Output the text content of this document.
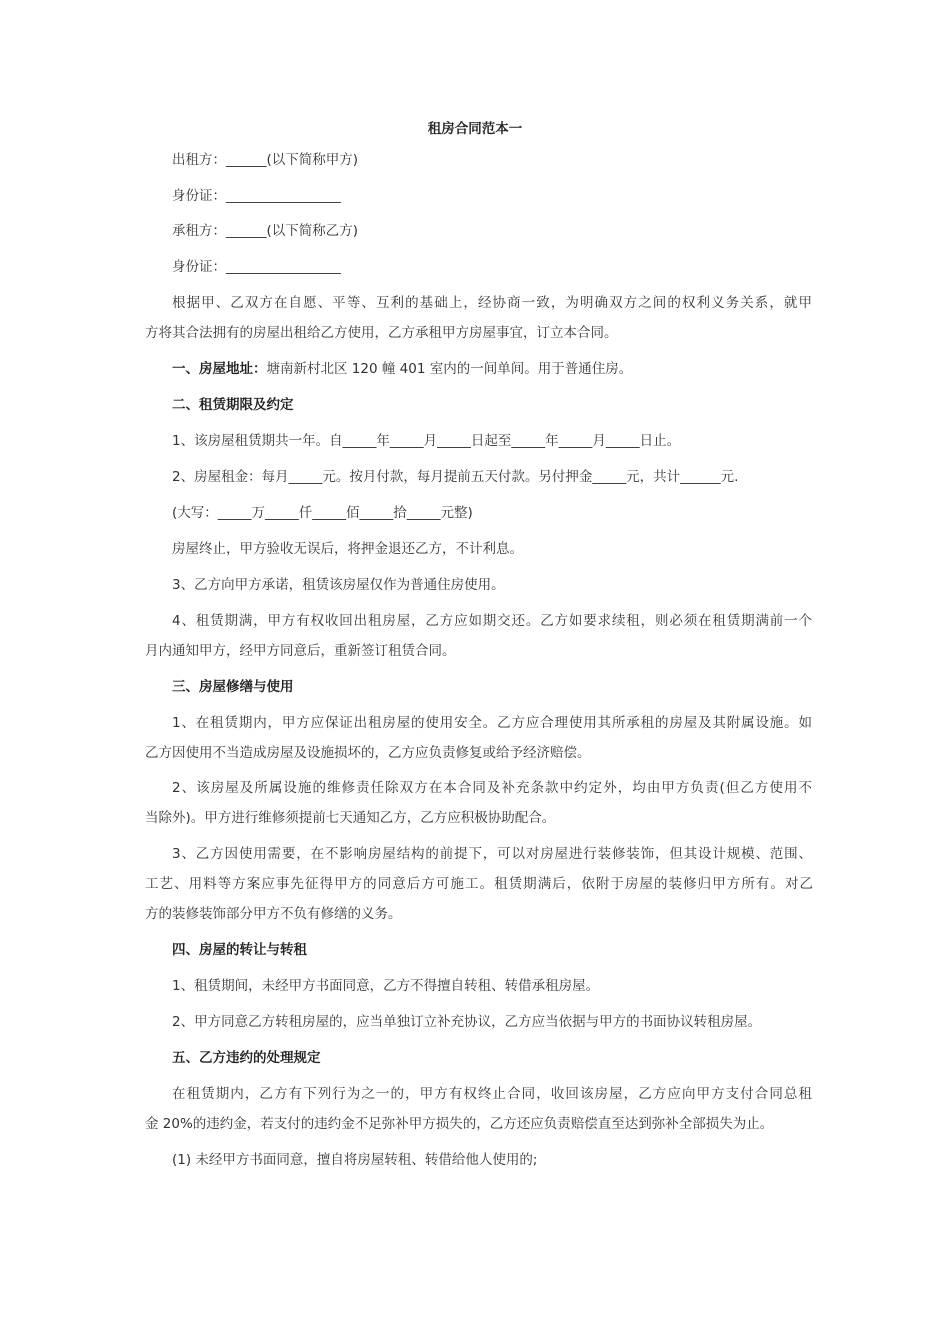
租房合同范本一
出租方：______(以下简称甲方)
身份证：_________________
承租方：______(以下简称乙方)
身份证：_________________
根据甲、乙双方在自愿、平等、互利的基础上，经协商一致，为明确双方之间的权利义务关系，就甲
方将其合法拥有的房屋出租给乙方使用，乙方承租甲方房屋事宜，订立本合同。
一、房屋地址：塘南新村北区 120 幢 401 室内的一间单间。用于普通住房。
二、租赁期限及约定
1、该房屋租赁期共一年。自_____年_____月_____日起至_____年_____月_____日止。
2、房屋租金：每月_____元。按月付款，每月提前五天付款。另付押金_____元，共计______元.
(大写：_____万_____仟_____佰_____拾_____元整)
房屋终止，甲方验收无误后，将押金退还乙方，不计利息。
3、乙方向甲方承诺，租赁该房屋仅作为普通住房使用。
4、租赁期满，甲方有权收回出租房屋，乙方应如期交还。乙方如要求续租，则必须在租赁期满前一个
月内通知甲方，经甲方同意后，重新签订租赁合同。
三、房屋修缮与使用
1、在租赁期内，甲方应保证出租房屋的使用安全。乙方应合理使用其所承租的房屋及其附属设施。如
乙方因使用不当造成房屋及设施损坏的，乙方应负责修复或给予经济赔偿。
2、该房屋及所属设施的维修责任除双方在本合同及补充条款中约定外，均由甲方负责(但乙方使用不
当除外)。甲方进行维修须提前七天通知乙方，乙方应积极协助配合。
3、乙方因使用需要，在不影响房屋结构的前提下，可以对房屋进行装修装饰，但其设计规模、范围、
工艺、用料等方案应事先征得甲方的同意后方可施工。租赁期满后，依附于房屋的装修归甲方所有。对乙
方的装修装饰部分甲方不负有修缮的义务。
四、房屋的转让与转租
1、租赁期间，未经甲方书面同意，乙方不得擅自转租、转借承租房屋。
2、甲方同意乙方转租房屋的，应当单独订立补充协议，乙方应当依据与甲方的书面协议转租房屋。
五、乙方违约的处理规定
在租赁期内，乙方有下列行为之一的，甲方有权终止合同，收回该房屋，乙方应向甲方支付合同总租
金 20%的违约金，若支付的违约金不足弥补甲方损失的，乙方还应负责赔偿直至达到弥补全部损失为止。
(1) 未经甲方书面同意，擅自将房屋转租、转借给他人使用的;
